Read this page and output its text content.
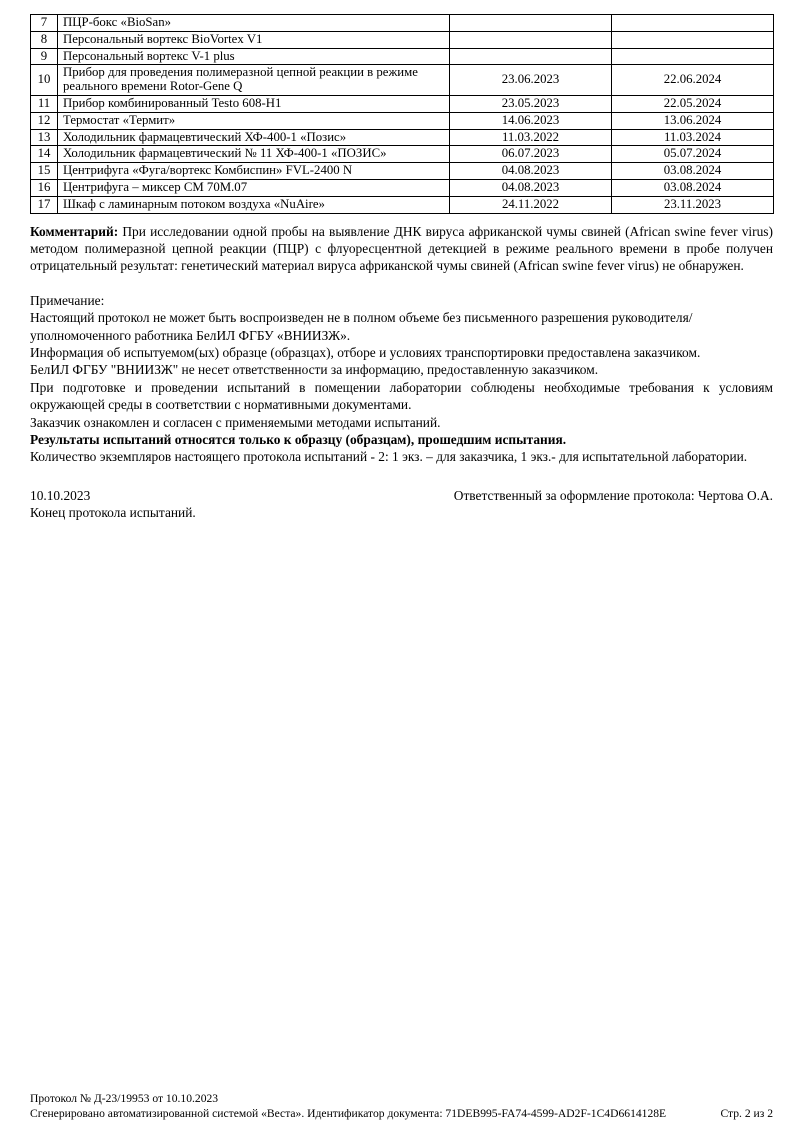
7	ПЦР-бокс «BioSan»		
8	Персональный вортекс BioVortex V1		
9	Персональный вортекс V-1 plus		
10	Прибор для проведения полимеразной цепной реакции в режиме реального времени Rotor-Gene Q	23.06.2023	22.06.2024
11	Прибор комбинированный Testo 608-H1	23.05.2023	22.05.2024
12	Термостат «Термит»	14.06.2023	13.06.2024
13	Холодильник фармацевтический ХФ-400-1 «Позис»	11.03.2022	11.03.2024
14	Холодильник фармацевтический № 11 ХФ-400-1 «ПОЗИС»	06.07.2023	05.07.2024
15	Центрифуга «Фуга/вортекс Комбиспин» FVL-2400 N	04.08.2023	03.08.2024
16	Центрифуга – миксер СМ 70М.07	04.08.2023	03.08.2024
17	Шкаф с ламинарным потоком воздуха «NuAire»	24.11.2022	23.11.2023

Комментарий: При исследовании одной пробы на выявление ДНК вируса африканской чумы свиней (African swine fever virus) методом полимеразной цепной реакции (ПЦР) с флуоресцентной детекцией в режиме реального времени в пробе получен отрицательный результат: генетический материал вируса африканской чумы свиней (African swine fever virus) не обнаружен.

Примечание:

Настоящий протокол не может быть воспроизведен не в полном объеме без письменного разрешения руководителя/уполномоченного работника БелИЛ ФГБУ «ВНИИЗЖ».

Информация об испытуемом(ых) образце (образцах), отборе и условиях транспортировки предоставлена заказчиком.

БелИЛ ФГБУ "ВНИИЗЖ" не несет ответственности за информацию, предоставленную заказчиком.

При подготовке и проведении испытаний в помещении лаборатории соблюдены необходимые требования к условиям окружающей среды в соответствии с нормативными документами.

Заказчик ознакомлен и согласен с применяемыми методами испытаний.

Результаты испытаний относятся только к образцу (образцам), прошедшим испытания.

Количество экземпляров настоящего протокола испытаний - 2: 1 экз. – для заказчика, 1 экз.- для испытательной лаборатории.

10.10.2023	Ответственный за оформление протокола: Чертова О.А.

Конец протокола испытаний.

Протокол № Д-23/19953 от 10.10.2023
Сгенерировано автоматизированной системой «Веста». Идентификатор документа: 71DEB995-FA74-4599-AD2F-1C4D6614128E	Стр. 2 из 2
